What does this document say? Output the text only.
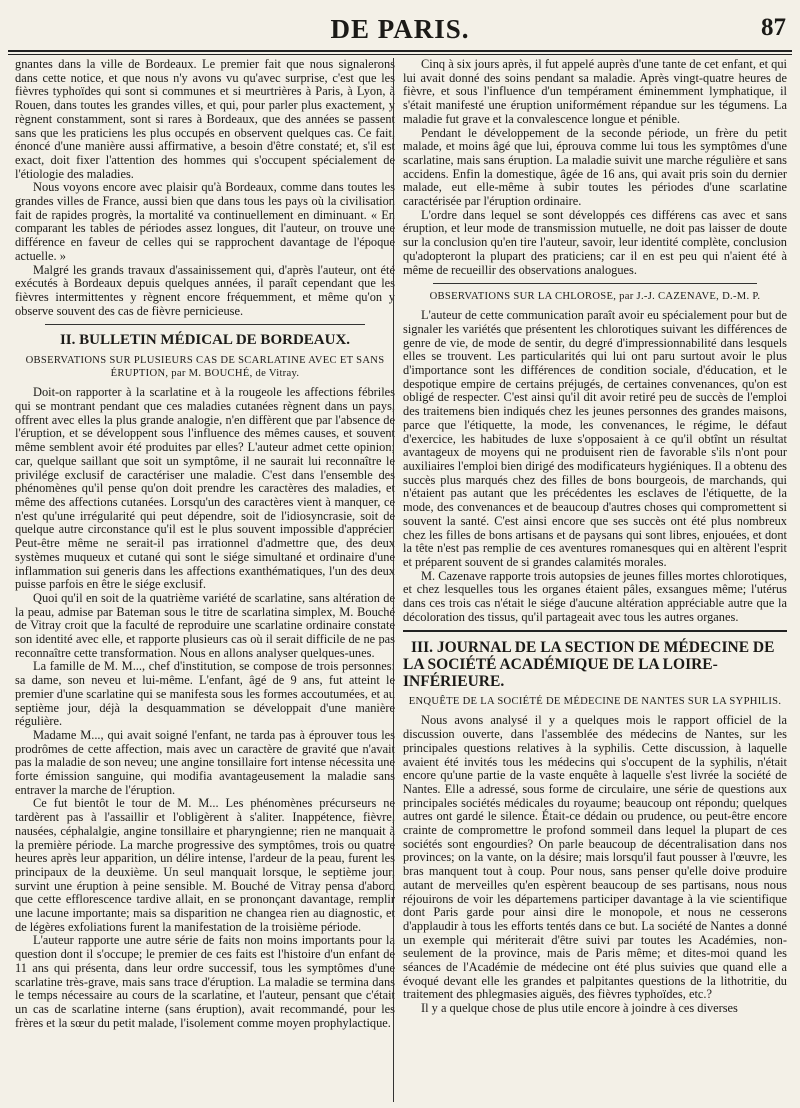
DE PARIS.	87

gnantes dans la ville de Bordeaux. Le premier fait que nous signalerons dans cette notice, et que nous n'y avons vu qu'avec surprise, c'est que les fièvres typhoïdes qui sont si communes et si meurtrières à Paris, à Lyon, à Rouen, dans toutes les grandes villes, et qui, pour parler plus exactement, y règnent constamment, sont si rares à Bordeaux, que des années se passent sans que les praticiens les plus occupés en observent quelques cas. Ce fait, énoncé d'une manière aussi affirmative, a besoin d'être constaté; et, s'il est exact, doit fixer l'attention des hommes qui s'occupent spécialement de l'étiologie des maladies.

Nous voyons encore avec plaisir qu'à Bordeaux, comme dans toutes les grandes villes de France, aussi bien que dans tous les pays où la civilisation fait de rapides progrès, la mortalité va continuellement en diminuant. « En comparant les tables de périodes assez longues, dit l'auteur, on trouve une différence en faveur de celles qui se rapprochent davantage de l'époque actuelle. »

Malgré les grands travaux d'assainissement qui, d'après l'auteur, ont été exécutés à Bordeaux depuis quelques années, il paraît cependant que les fièvres intermittentes y règnent encore fréquemment, et même qu'on y observe souvent des cas de fièvre pernicieuse.

II. BULLETIN MÉDICAL DE BORDEAUX.
OBSERVATIONS SUR PLUSIEURS CAS DE SCARLATINE AVEC ET SANS ÉRUPTION, par M. BOUCHÉ, de Vitray.

Doit-on rapporter à la scarlatine et à la rougeole les affections fébriles qui se montrant pendant que ces maladies cutanées règnent dans un pays, offrent avec elles la plus grande analogie, n'en diffèrent que par l'absence de l'éruption, et se développent sous l'influence des mêmes causes, et souvent même semblent avoir été produites par elles? L'auteur admet cette opinion; car, quelque saillant que soit un symptôme, il ne saurait lui reconnaître le privilége exclusif de caractériser une maladie. C'est dans l'ensemble des phénomènes qu'il pense qu'on doit prendre les caractères des maladies, et même des affections cutanées. Lorsqu'un des caractères vient à manquer, ce n'est qu'une irrégularité qui peut dépendre, soit de l'idiosyncrasie, soit de quelque autre circonstance qu'il est le plus souvent impossible d'apprécier. Peut-être même ne serait-il pas irrationnel d'admettre que, des deux systèmes muqueux et cutané qui sont le siége simultané et ordinaire d'une inflammation sui generis dans les affections exanthématiques, l'un des deux puisse parfois en être le siége exclusif.

Quoi qu'il en soit de la quatrième variété de scarlatine, sans altération de la peau, admise par Bateman sous le titre de scarlatina simplex, M. Bouché de Vitray croit que la faculté de reproduire une scarlatine ordinaire constate son identité avec elle, et rapporte plusieurs cas où il serait difficile de ne pas reconnaître cette transformation. Nous en allons analyser quelques-unes.

La famille de M. M..., chef d'institution, se compose de trois personnes: sa dame, son neveu et lui-même. L'enfant, âgé de 9 ans, fut atteint le premier d'une scarlatine qui se manifesta sous les formes accoutumées, et au septième jour, déjà la desquammation se développait d'une manière régulière.

Madame M..., qui avait soigné l'enfant, ne tarda pas à éprouver tous les prodrômes de cette affection, mais avec un caractère de gravité que n'avait pas la maladie de son neveu; une angine tonsillaire fort intense nécessita une forte émission sanguine, qui modifia avantageusement la maladie sans entraver la marche de l'éruption.

Ce fut bientôt le tour de M. M... Les phénomènes précurseurs ne tardèrent pas à l'assaillir et l'obligèrent à s'aliter. Inappétence, fièvre, nausées, céphalalgie, angine tonsillaire et pharyngienne; rien ne manquait à la première période. La marche progressive des symptômes, trois ou quatre heures après leur apparition, un délire intense, l'ardeur de la peau, furent les principaux de la deuxième. Un seul manquait lorsque, le septième jour, survint une éruption à peine sensible. M. Bouché de Vitray pensa d'abord que cette efflorescence tardive allait, en se prononçant davantage, remplir une lacune importante; mais sa disparition ne changea rien au diagnostic, et de légères exfoliations furent la manifestation de la troisième période.

L'auteur rapporte une autre série de faits non moins importants pour la question dont il s'occupe; le premier de ces faits est l'histoire d'un enfant de 11 ans qui présenta, dans leur ordre successif, tous les symptômes d'une scarlatine très-grave, mais sans trace d'éruption. La maladie se termina dans le temps nécessaire au cours de la scarlatine, et l'auteur, pensant que c'était un cas de scarlatine interne (sans éruption), avait recommandé, pour les frères et la sœur du petit malade, l'isolement comme moyen prophylactique.

Cinq à six jours après, il fut appelé auprès d'une tante de cet enfant, et qui lui avait donné des soins pendant sa maladie. Après vingt-quatre heures de fièvre, et sous l'influence d'un tempérament éminemment lymphatique, il s'était manifesté une éruption uniformément répandue sur les tégumens. La maladie fut grave et la convalescence longue et pénible.

Pendant le développement de la seconde période, un frère du petit malade, et moins âgé que lui, éprouva comme lui tous les symptômes d'une scarlatine, mais sans éruption. La maladie suivit une marche régulière et sans accidens. Enfin la domestique, âgée de 16 ans, qui avait pris soin du dernier malade, eut elle-même à subir toutes les périodes d'une scarlatine caractérisée par l'éruption ordinaire.

L'ordre dans lequel se sont développés ces différens cas avec et sans éruption, et leur mode de transmission mutuelle, ne doit pas laisser de doute sur la conclusion qu'en tire l'auteur, savoir, leur identité complète, conclusion qu'adopteront la plupart des praticiens; car il en est peu qui n'aient été à même de recueillir des observations analogues.

OBSERVATIONS SUR LA CHLOROSE, par J.-J. CAZENAVE, D.-M. P.

L'auteur de cette communication paraît avoir eu spécialement pour but de signaler les variétés que présentent les chlorotiques suivant les différences de genre de vie, de mode de sentir, du degré d'impressionnabilité dans lesquels elles se trouvent. Les particularités qui lui ont paru surtout avoir le plus d'importance sont les différences de condition sociale, d'éducation, et le despotique empire de certains préjugés, de certaines convenances, qu'on est obligé de respecter. C'est ainsi qu'il dit avoir retiré peu de succès de l'emploi des traitemens bien indiqués chez les jeunes personnes des grandes maisons, parce que l'étiquette, la mode, les convenances, le régime, le défaut d'exercice, les habitudes de luxe s'opposaient à ce qu'il obtînt un résultat avantageux de moyens qui ne produisent rien de favorable s'ils n'ont pour auxiliaires l'emploi bien dirigé des modificateurs hygiéniques. Il a obtenu des succès plus marqués chez des filles de bons bourgeois, de marchands, qui n'étaient pas autant que les précédentes les esclaves de l'étiquette, de la mode, des convenances et de beaucoup d'autres choses qui compromettent si souvent la santé. C'est ainsi encore que ses succès ont été plus nombreux chez les filles de bons artisans et de paysans qui sont libres, enjouées, et dont la tête n'est pas remplie de ces aventures romanesques qui en altèrent l'esprit et préparent souvent de si grandes calamités morales.

M. Cazenave rapporte trois autopsies de jeunes filles mortes chlorotiques, et chez lesquelles tous les organes étaient pâles, exsangues même; l'utérus dans ces trois cas n'était le siége d'aucune altération appréciable autre que la décoloration des tissus, qu'il partageait avec tous les autres organes.

III. JOURNAL DE LA SECTION DE MÉDECINE DE LA SOCIÉTÉ ACADÉMIQUE DE LA LOIRE-INFÉRIEURE.
ENQUÊTE DE LA SOCIÉTÉ DE MÉDECINE DE NANTES SUR LA SYPHILIS.

Nous avons analysé il y a quelques mois le rapport officiel de la discussion ouverte, dans l'assemblée des médecins de Nantes, sur les principales questions relatives à la syphilis. Cette discussion, à laquelle avaient été invités tous les médecins qui s'occupent de la syphilis, n'était encore qu'une partie de la vaste enquête à laquelle s'est livrée la société de Nantes. Elle a adressé, sous forme de circulaire, une série de questions aux principales sociétés médicales du royaume; beaucoup ont répondu; quelques autres ont gardé le silence. Était-ce dédain ou prudence, ou peut-être encore crainte de compromettre le profond sommeil dans lequel la plupart de ces sociétés sont engourdies? On parle beaucoup de décentralisation dans nos provinces; on la vante, on la désire; mais lorsqu'il faut pousser à l'œuvre, les bras manquent tout à coup. Pour nous, sans penser qu'elle doive produire autant de merveilles qu'en espèrent beaucoup de ses partisans, nous nous réjouirons de voir les départemens participer davantage à la vie scientifique dont Paris garde pour ainsi dire le monopole, et nous ne cesserons d'applaudir à tous les efforts tentés dans ce but. La société de Nantes a donné un exemple qui mériterait d'être suivi par toutes les Académies, non-seulement de la province, mais de Paris même; et dites-moi quand les séances de l'Académie de médecine ont été plus suivies que quand elle a évoqué devant elle les grandes et palpitantes questions de la lithotritie, du traitement des phlegmasies aiguës, des fièvres typhoïdes, etc.?

Il y a quelque chose de plus utile encore à joindre à ces diverses
